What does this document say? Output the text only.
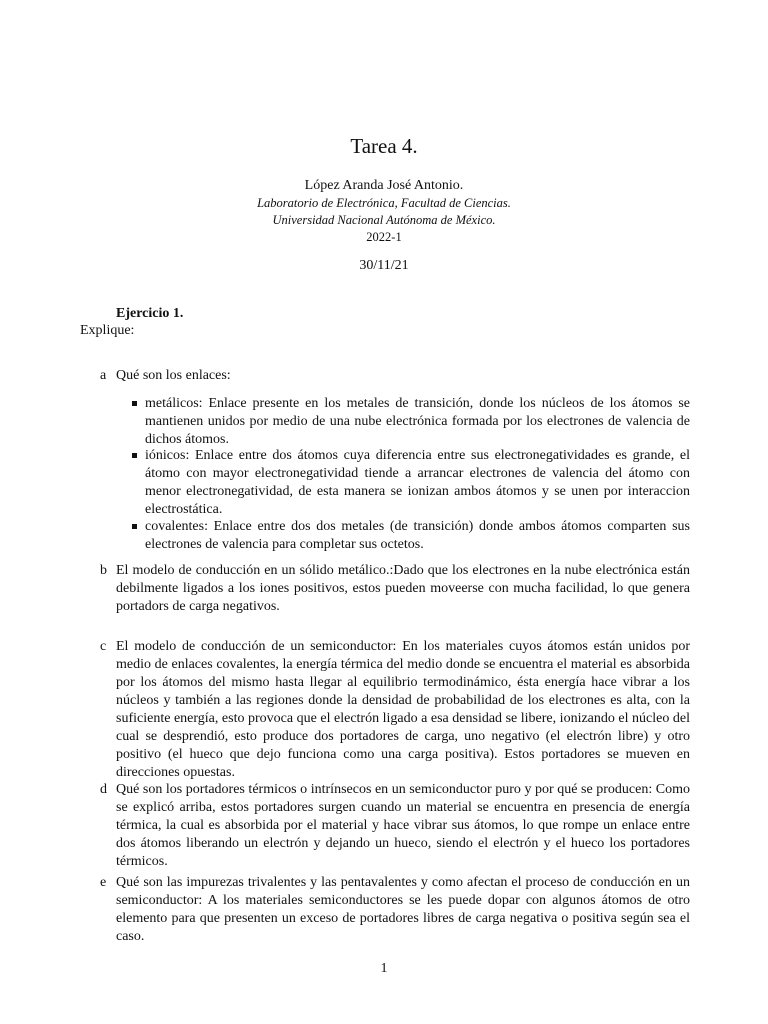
Tarea 4.
López Aranda José Antonio.
Laboratorio de Electrónica, Facultad de Ciencias.
Universidad Nacional Autónoma de México.
2022-1
30/11/21
Ejercicio 1.
Explique:
a Qué son los enlaces:
metálicos: Enlace presente en los metales de transición, donde los núcleos de los átomos se mantienen unidos por medio de una nube electrónica formada por los electrones de valencia de dichos átomos.
iónicos: Enlace entre dos átomos cuya diferencia entre sus electronegatividades es grande, el átomo con mayor electronegatividad tiende a arrancar electrones de valencia del átomo con menor electronegatividad, de esta manera se ionizan ambos átomos y se unen por interaccion electrostática.
covalentes: Enlace entre dos dos metales (de transición) donde ambos átomos comparten sus electrones de valencia para completar sus octetos.
b El modelo de conducción en un sólido metálico.:Dado que los electrones en la nube electrónica están debilmente ligados a los iones positivos, estos pueden moveerse con mucha facilidad, lo que genera portadors de carga negativos.
c El modelo de conducción de un semiconductor: En los materiales cuyos átomos están unidos por medio de enlaces covalentes, la energía térmica del medio donde se encuentra el material es absorbida por los átomos del mismo hasta llegar al equilibrio termodinámico, ésta energía hace vibrar a los núcleos y también a las regiones donde la densidad de probabilidad de los electrones es alta, con la suficiente energía, esto provoca que el electrón ligado a esa densidad se libere, ionizando el núcleo del cual se desprendió, esto produce dos portadores de carga, uno negativo (el electrón libre) y otro positivo (el hueco que dejo funciona como una carga positiva). Estos portadores se mueven en direcciones opuestas.
d Qué son los portadores térmicos o intrínsecos en un semiconductor puro y por qué se producen: Como se explicó arriba, estos portadores surgen cuando un material se encuentra en presencia de energía térmica, la cual es absorbida por el material y hace vibrar sus átomos, lo que rompe un enlace entre dos átomos liberando un electrón y dejando un hueco, siendo el electrón y el hueco los portadores térmicos.
e Qué son las impurezas trivalentes y las pentavalentes y como afectan el proceso de conducción en un semiconductor: A los materiales semiconductores se les puede dopar con algunos átomos de otro elemento para que presenten un exceso de portadores libres de carga negativa o positiva según sea el caso.
1
